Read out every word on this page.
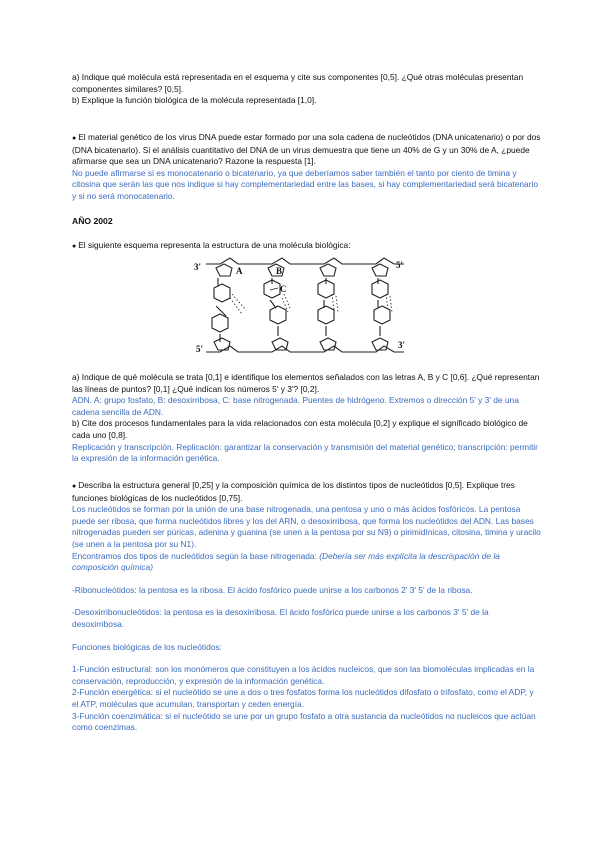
a) Indique qué molécula está representada en el esquema y cite sus componentes [0,5]. ¿Qué otras moléculas presentan componentes similares? [0,5].

b) Explique la función biológica de la molécula representada [1,0].

● El material genético de los virus DNA puede estar formado por una sola cadena de nucleótidos (DNA unicatenario) o por dos (DNA bicatenario). Si el análisis cuantitativo del DNA de un virus demuestra que tiene un 40% de G y un 30% de A, ¿puede afirmarse que sea un DNA unicatenario? Razone la respuesta [1].

No puede afirmarse si es monocatenario o bicatenario, ya que deberíamos saber también el tanto por ciento de timina y citosina que serán las que nos indique si hay complementariedad entre las bases, si hay complementariedad será bicatenario y si no será monocatenario.

AÑO 2002

● El siguiente esquema representa la estructura de una molécula biológica:

3'	5'
5'	3'
A	B
C

a) Indique de qué molécula se trata [0,1] e identifique los elementos señalados con las letras A, B y C [0,6]. ¿Qué representan las líneas de puntos? [0,1] ¿Qué indican los números 5' y 3'? [0,2].

ADN. A: grupo fosfato, B: desoxirribosa, C: base nitrogenada. Puentes de hidrógeno. Extremos o dirección 5' y 3' de una cadena sencilla de ADN.

b) Cite dos procesos fundamentales para la vida relacionados con esta molécula [0,2] y explique el significado biológico de cada uno [0,8].

Replicación y transcripción. Replicación: garantizar la conservación y transmisión del material genético; transcripción: permitir la expresión de la información genética.

● Describa la estructura general [0,25] y la composición química de los distintos tipos de nucleótidos [0,5]. Explique tres funciones biológicas de los nucleótidos [0,75].

Los nucleótidos se forman por la unión de una base nitrogenada, una pentosa y uno o más ácidos fosfóricos. La pentosa puede ser ribosa, que forma nucleótidos libres y los del ARN, o desoxirribosa, que forma los nucleótidos del ADN. Las bases nitrogenadas pueden ser púricas, adenina y guanina (se unen a la pentosa por su N9) o pirimidínicas, citosina, timina y uracilo (se unen a la pentosa por su N1).

Encontramos dos tipos de nucleótidos según la base nitrogenada: (Debería ser más explícita la descrispación de la composición química)

-Ribonucleótidos: la pentosa es la ribosa. El ácido fosfórico puede unirse a los carbonos 2' 3' 5' de la ribosa.

-Desoxirribonucleótidos: la pentosa es la desoxirribosa. El ácido fosfórico puede unirse a los carbonos 3' 5' de la desoxirribosa.

Funciones biológicas de los nucleótidos:

1-Función estructural: son los monómeros que constituyen a los ácidos nucleicos, que son las biomoléculas implicadas en la conservación, reproducción, y expresión de la información genética.

2-Función energética: si el nucleótido se une a dos o tres fosfatos forma los nucleótidos difosfato o trifosfato, como el ADP, y el ATP, moléculas que acumulan, transportan y ceden energía.

3-Función coenzimática: si el nucleótido se une por un grupo fosfato a otra sustancia da nucleótidos no nucleicos que actúan como coenzimas.
